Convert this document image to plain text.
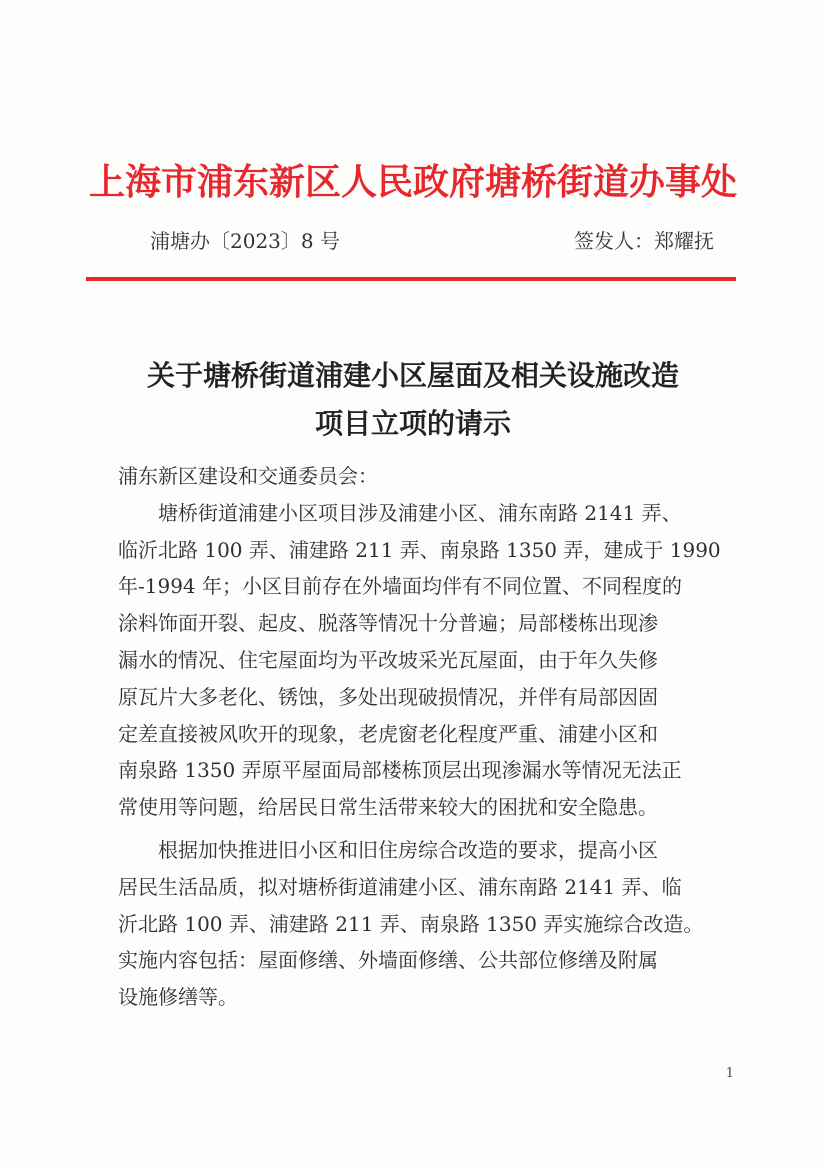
上海市浦东新区人民政府塘桥街道办事处
浦塘办〔2023〕8 号	签发人：郑耀抚
关于塘桥街道浦建小区屋面及相关设施改造
项目立项的请示
浦东新区建设和交通委员会：
　　塘桥街道浦建小区项目涉及浦建小区、浦东南路 2141 弄、
临沂北路 100 弄、浦建路 211 弄、南泉路 1350 弄，建成于 1990
年-1994 年；小区目前存在外墙面均伴有不同位置、不同程度的
涂料饰面开裂、起皮、脱落等情况十分普遍；局部楼栋出现渗
漏水的情况、住宅屋面均为平改坡采光瓦屋面，由于年久失修
原瓦片大多老化、锈蚀，多处出现破损情况，并伴有局部因固
定差直接被风吹开的现象，老虎窗老化程度严重、浦建小区和
南泉路 1350 弄原平屋面局部楼栋顶层出现渗漏水等情况无法正
常使用等问题，给居民日常生活带来较大的困扰和安全隐患。
　　根据加快推进旧小区和旧住房综合改造的要求，提高小区
居民生活品质，拟对塘桥街道浦建小区、浦东南路 2141 弄、临
沂北路 100 弄、浦建路 211 弄、南泉路 1350 弄实施综合改造。
实施内容包括：屋面修缮、外墙面修缮、公共部位修缮及附属
设施修缮等。
1
